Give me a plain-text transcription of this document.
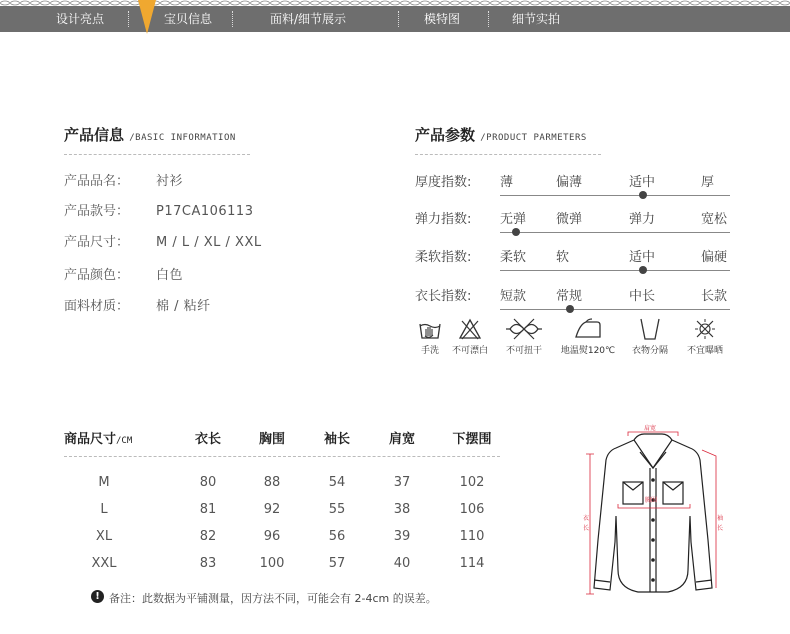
设计亮点	宝贝信息	面料/细节展示	模特图	细节实拍
产品信息 /BASIC INFORMATION
产品品名： 衬衫
产品款号： P17CA106113
产品尺寸： M / L / XL / XXL
产品颜色： 白色
面料材质： 棉 / 粘纤
产品参数 /PRODUCT PARMETERS
厚度指数: 薄	偏薄	适中	厚
弹力指数: 无弹 微弹	弹力	宽松
柔软指数: 柔软 软	适中	偏硬
衣长指数: 短款 常规	中长	长款
手洗	不可漂白	不可扭干	地温熨120℃	衣物分隔	不宜曝晒
商品尺寸/CM	衣长	胸围	袖长	肩宽	下摆围
M	80	88	54	37	102
L	81	92	55	38	106
XL	82	96	56	39	110
XXL	83	100	57	40	114
! 备注：此数据为平铺测量，因方法不同，可能会有 2-4cm 的误差。
肩宽
胸围
衣
长
袖
长
